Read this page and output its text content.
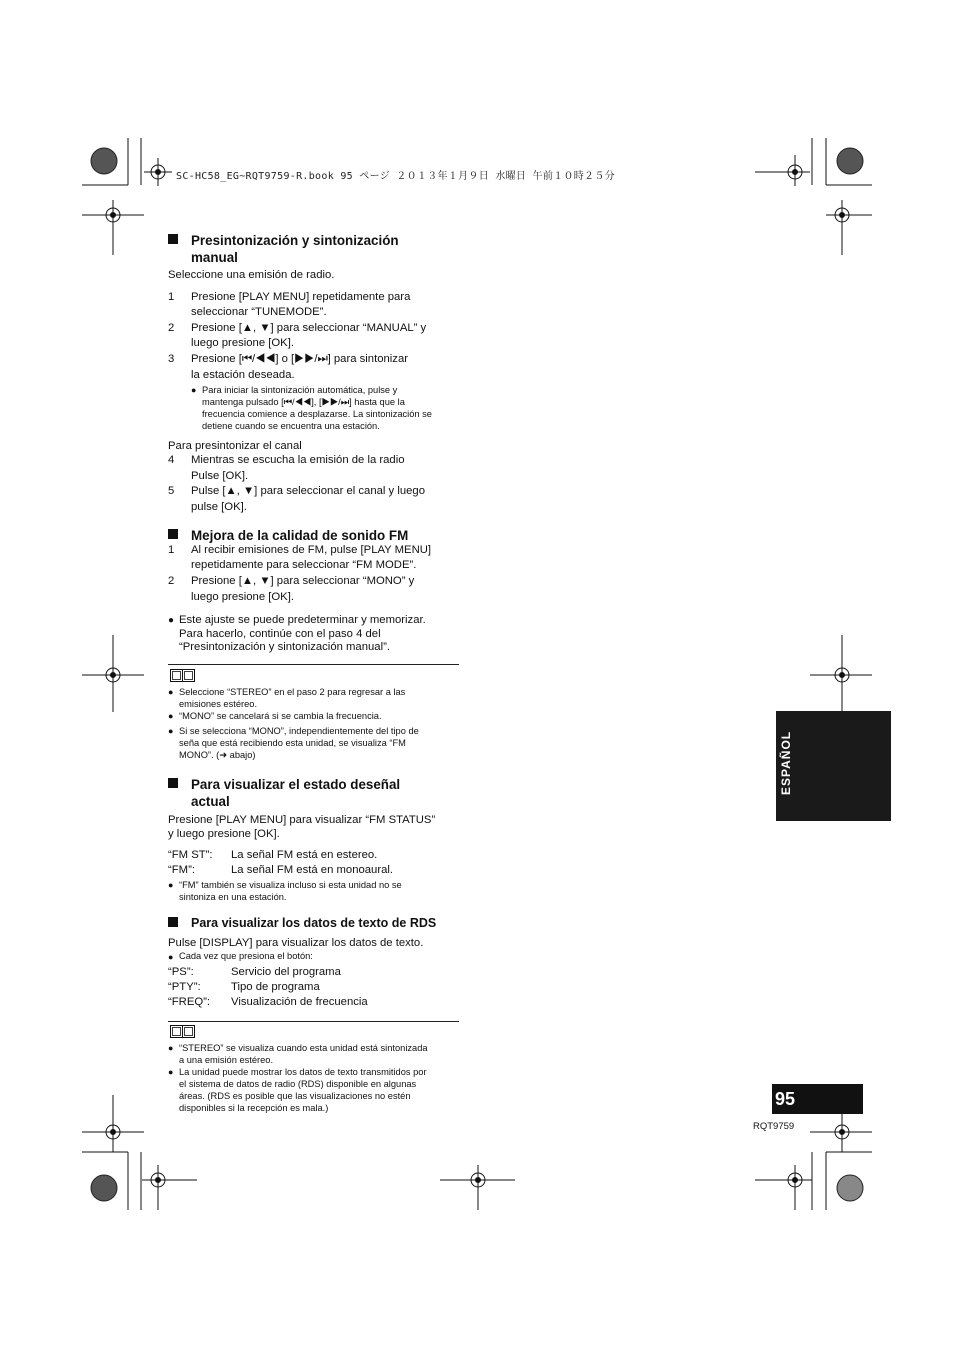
SC-HC58_EG~RQT9759-R.book 95 ページ ２０１３年１月９日 水曜日 午前１０時２５分
Presintonización y sintonización
manual
Seleccione una emisión de radio.
1 Presione [PLAY MENU] repetidamente para
seleccionar “TUNEMODE”.
2 Presione [▲, ▼] para seleccionar “MANUAL” y
luego presione [OK].
3 Presione [⏮/◀◀] o [▶▶/⏭] para sintonizar
la estación deseada.
● Para iniciar la sintonización automática, pulse y
mantenga pulsado [⏮/◀◀], [▶▶/⏭] hasta que la
frecuencia comience a desplazarse. La sintonización se
detiene cuando se encuentra una estación.
Para presintonizar el canal
4 Mientras se escucha la emisión de la radio
Pulse [OK].
5 Pulse [▲, ▼] para seleccionar el canal y luego
pulse [OK].
Mejora de la calidad de sonido FM
1 Al recibir emisiones de FM, pulse [PLAY MENU]
repetidamente para seleccionar “FM MODE”.
2 Presione [▲, ▼] para seleccionar “MONO” y
luego presione [OK].
● Este ajuste se puede predeterminar y memorizar.
Para hacerlo, continúe con el paso 4 del
“Presintonización y sintonización manual”.
● Seleccione “STEREO” en el paso 2 para regresar a las
emisiones estéreo.
● “MONO” se cancelará si se cambia la frecuencia.
● Si se selecciona “MONO”, independientemente del tipo de
seña que está recibiendo esta unidad, se visualiza “FM
MONO”. (➜ abajo)
Para visualizar el estado deseñal
actual
Presione [PLAY MENU] para visualizar “FM STATUS”
y luego presione [OK].
“FM ST”: La señal FM está en estereo.
“FM”:	La señal FM está en monoaural.
● “FM” también se visualiza incluso si esta unidad no se
sintoniza en una estación.
Para visualizar los datos de texto de RDS
Pulse [DISPLAY] para visualizar los datos de texto.
● Cada vez que presiona el botón:
“PS”:	Servicio del programa
“PTY”:	Tipo de programa
“FREQ”: Visualización de frecuencia
● “STEREO” se visualiza cuando esta unidad está sintonizada
a una emisión estéreo.
● La unidad puede mostrar los datos de texto transmitidos por
el sistema de datos de radio (RDS) disponible en algunas
áreas. (RDS es posible que las visualizaciones no estén
disponibles si la recepción es mala.)
ESPAÑOL
95
RQT9759
